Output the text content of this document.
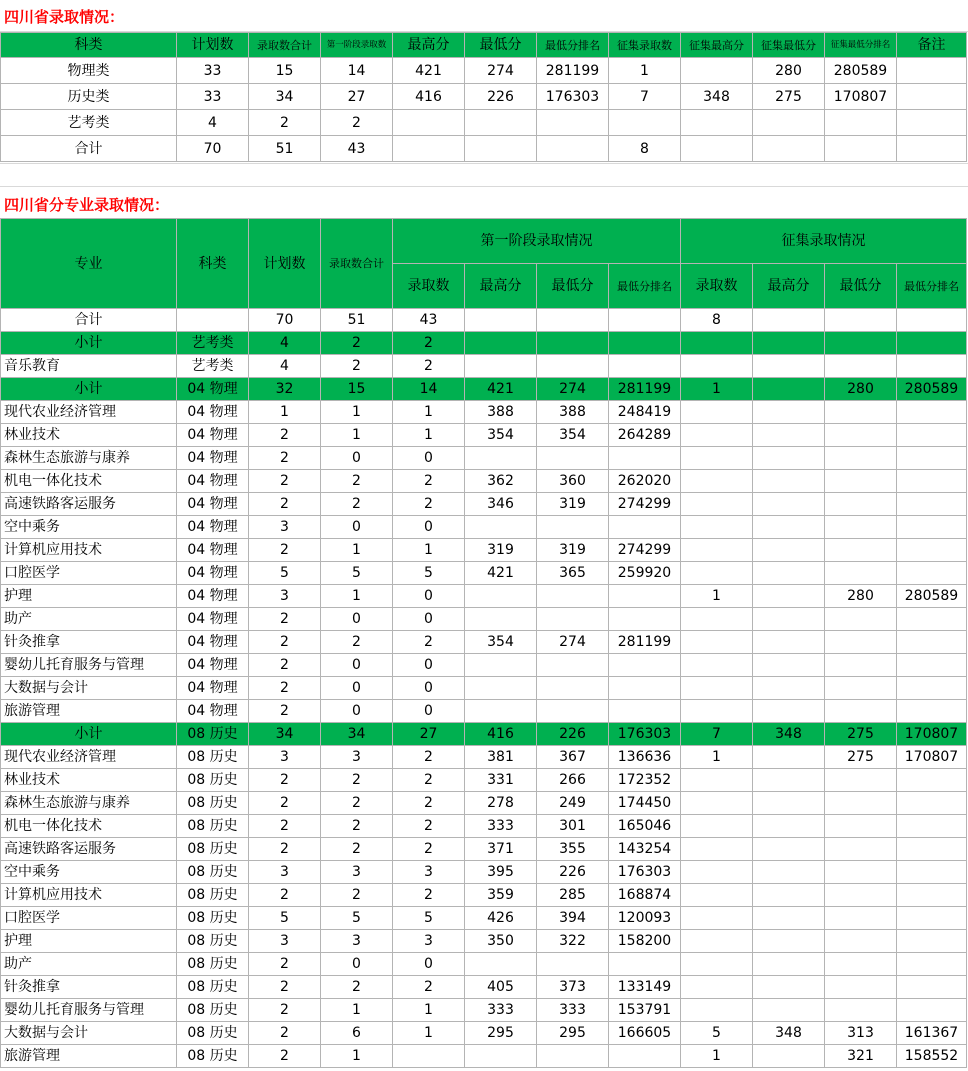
四川省录取情况：
科类	计划数	录取数合计	第一阶段录取数	最高分	最低分	最低分排名	征集录取数	征集最高分	征集最低分	征集最低分排名	备注
物理类	33	15	14	421	274	281199	1		280	280589	
历史类	33	34	27	416	226	176303	7	348	275	170807	
艺考类	4	2	2								
合计	70	51	43				8				
四川省分专业录取情况：
专业	科类	计划数	录取数合计	第一阶段录取情况				征集录取情况			
				录取数	最高分	最低分	最低分排名	录取数	最高分	最低分	最低分排名
合计		70	51	43				8			
小计	艺考类	4	2	2							
音乐教育	艺考类	4	2	2							
小计	04 物理	32	15	14	421	274	281199	1		280	280589
现代农业经济管理	04 物理	1	1	1	388	388	248419				
林业技术	04 物理	2	1	1	354	354	264289				
森林生态旅游与康养	04 物理	2	0	0							
机电一体化技术	04 物理	2	2	2	362	360	262020				
高速铁路客运服务	04 物理	2	2	2	346	319	274299				
空中乘务	04 物理	3	0	0							
计算机应用技术	04 物理	2	1	1	319	319	274299				
口腔医学	04 物理	5	5	5	421	365	259920				
护理	04 物理	3	1	0				1		280	280589
助产	04 物理	2	0	0							
针灸推拿	04 物理	2	2	2	354	274	281199				
婴幼儿托育服务与管理	04 物理	2	0	0							
大数据与会计	04 物理	2	0	0							
旅游管理	04 物理	2	0	0							
小计	08 历史	34	34	27	416	226	176303	7	348	275	170807
现代农业经济管理	08 历史	3	3	2	381	367	136636	1		275	170807
林业技术	08 历史	2	2	2	331	266	172352				
森林生态旅游与康养	08 历史	2	2	2	278	249	174450				
机电一体化技术	08 历史	2	2	2	333	301	165046				
高速铁路客运服务	08 历史	2	2	2	371	355	143254				
空中乘务	08 历史	3	3	3	395	226	176303				
计算机应用技术	08 历史	2	2	2	359	285	168874				
口腔医学	08 历史	5	5	5	426	394	120093				
护理	08 历史	3	3	3	350	322	158200				
助产	08 历史	2	0	0							
针灸推拿	08 历史	2	2	2	405	373	133149				
婴幼儿托育服务与管理	08 历史	2	1	1	333	333	153791				
大数据与会计	08 历史	2	6	1	295	295	166605	5	348	313	161367
旅游管理	08 历史	2	1					1		321	158552
